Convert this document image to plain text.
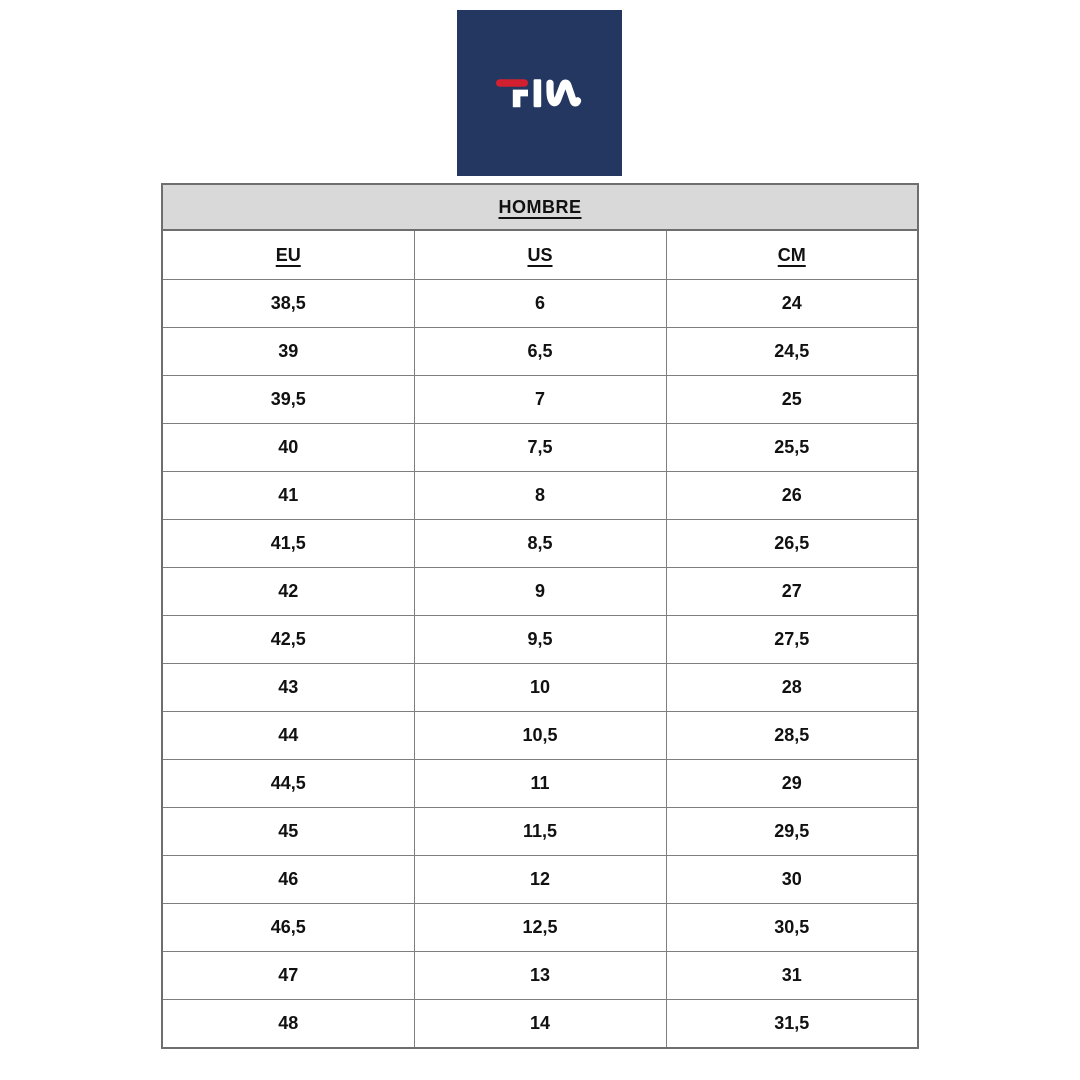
HOMBRE		
EU	US	CM
38,5	6	24
39	6,5	24,5
39,5	7	25
40	7,5	25,5
41	8	26
41,5	8,5	26,5
42	9	27
42,5	9,5	27,5
43	10	28
44	10,5	28,5
44,5	11	29
45	11,5	29,5
46	12	30
46,5	12,5	30,5
47	13	31
48	14	31,5
